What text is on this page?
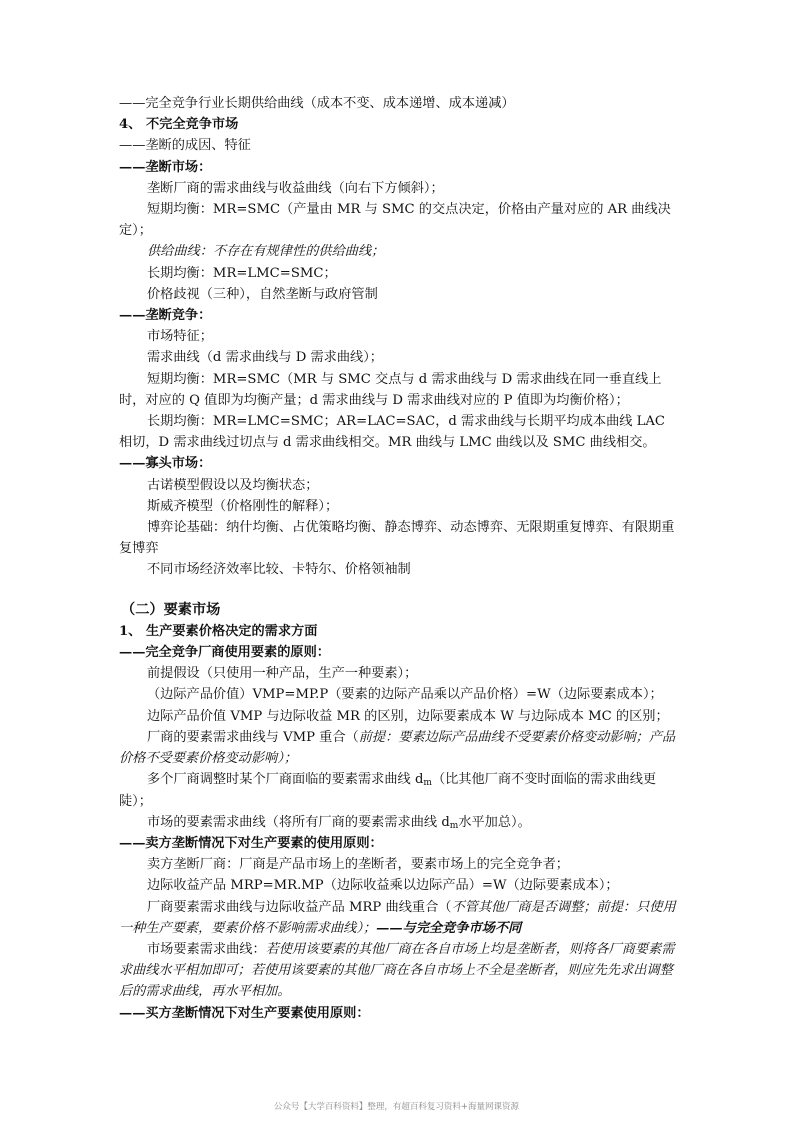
——完全竞争行业长期供给曲线（成本不变、成本递增、成本递减）
4、 不完全竞争市场
——垄断的成因、特征
——垄断市场：
垄断厂商的需求曲线与收益曲线（向右下方倾斜）；
短期均衡：MR=SMC（产量由 MR 与 SMC 的交点决定，价格由产量对应的 AR 曲线决定）；
供给曲线：不存在有规律性的供给曲线；
长期均衡：MR=LMC=SMC；
价格歧视（三种），自然垄断与政府管制
——垄断竞争：
市场特征；
需求曲线（d 需求曲线与 D 需求曲线）；
短期均衡：MR=SMC（MR 与 SMC 交点与 d 需求曲线与 D 需求曲线在同一垂直线上时，对应的 Q 值即为均衡产量；d 需求曲线与 D 需求曲线对应的 P 值即为均衡价格）；
长期均衡：MR=LMC=SMC；AR=LAC=SAC，d 需求曲线与长期平均成本曲线 LAC 相切，D 需求曲线过切点与 d 需求曲线相交。MR 曲线与 LMC 曲线以及 SMC 曲线相交。
——寡头市场：
古诺模型假设以及均衡状态；
斯威齐模型（价格刚性的解释）；
博弈论基础：纳什均衡、占优策略均衡、静态博弈、动态博弈、无限期重复博弈、有限期重复博弈
不同市场经济效率比较、卡特尔、价格领袖制
（二）要素市场
1、 生产要素价格决定的需求方面
——完全竞争厂商使用要素的原则：
前提假设（只使用一种产品，生产一种要素）；
（边际产品价值）VMP=MP.P（要素的边际产品乘以产品价格）=W（边际要素成本）；
边际产品价值 VMP 与边际收益 MR 的区别，边际要素成本 W 与边际成本 MC 的区别；
厂商的要素需求曲线与 VMP 重合（前提：要素边际产品曲线不受要素价格变动影响；产品价格不受要素价格变动影响）；
多个厂商调整时某个厂商面临的要素需求曲线 $d_m$（比其他厂商不变时面临的需求曲线更陡）；
市场的要素需求曲线（将所有厂商的要素需求曲线 $d_m$水平加总）。
——卖方垄断情况下对生产要素的使用原则：
卖方垄断厂商：厂商是产品市场上的垄断者，要素市场上的完全竞争者；
边际收益产品 MRP=MR.MP（边际收益乘以边际产品）=W（边际要素成本）；
厂商要素需求曲线与边际收益产品 MRP 曲线重合（不管其他厂商是否调整；前提：只使用一种生产要素，要素价格不影响需求曲线）；——与完全竞争市场不同
市场要素需求曲线：若使用该要素的其他厂商在各自市场上均是垄断者，则将各厂商要素需求曲线水平相加即可；若使用该要素的其他厂商在各自市场上不全是垄断者，则应先先求出调整后的需求曲线，再水平相加。
——买方垄断情况下对生产要素使用原则：
公众号【大学百科资料】整理，有超百科复习资料+海量网课资源
